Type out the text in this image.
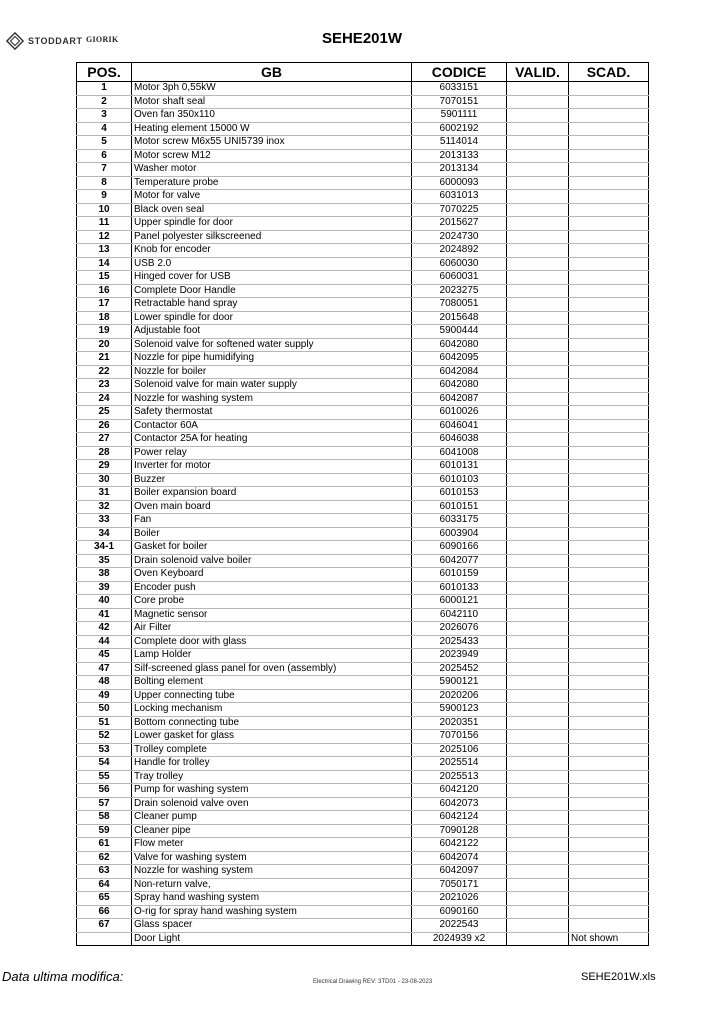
STODDART GIORIK	SEHE201W
POS.	GB	CODICE	VALID.	SCAD.
1	Motor 3ph 0,55kW	6033151		
2	Motor shaft seal	7070151		
3	Oven fan 350x110	5901111		
4	Heating element 15000 W	6002192		
5	Motor screw M6x55 UNI5739 inox	5114014		
6	Motor screw M12	2013133		
7	Washer motor	2013134		
8	Temperature probe	6000093		
9	Motor for valve	6031013		
10	Black oven seal	7070225		
11	Upper spindle for door	2015627		
12	Panel polyester silkscreened	2024730		
13	Knob for encoder	2024892		
14	USB 2.0	6060030		
15	Hinged cover for USB	6060031		
16	Complete Door Handle	2023275		
17	Retractable hand spray	7080051		
18	Lower spindle for door	2015648		
19	Adjustable foot	5900444		
20	Solenoid valve for softened water supply	6042080		
21	Nozzle for pipe humidifying	6042095		
22	Nozzle for boiler	6042084		
23	Solenoid valve for main water supply	6042080		
24	Nozzle for washing system	6042087		
25	Safety thermostat	6010026		
26	Contactor 60A	6046041		
27	Contactor 25A for heating	6046038		
28	Power relay	6041008		
29	Inverter for motor	6010131		
30	Buzzer	6010103		
31	Boiler expansion board	6010153		
32	Oven main board	6010151		
33	Fan	6033175		
34	Boiler	6003904		
34-1	Gasket for boiler	6090166		
35	Drain solenoid valve boiler	6042077		
38	Oven Keyboard	6010159		
39	Encoder push	6010133		
40	Core probe	6000121		
41	Magnetic sensor	6042110		
42	Air Filter	2026076		
44	Complete door with glass	2025433		
45	Lamp Holder	2023949		
47	Silf-screened glass panel for oven (assembly)	2025452		
48	Bolting element	5900121		
49	Upper connecting tube	2020206		
50	Locking mechanism	5900123		
51	Bottom connecting tube	2020351		
52	Lower gasket for glass	7070156		
53	Trolley complete	2025106		
54	Handle for trolley	2025514		
55	Tray trolley	2025513		
56	Pump for washing system	6042120		
57	Drain solenoid valve oven	6042073		
58	Cleaner pump	6042124		
59	Cleaner pipe	7090128		
61	Flow meter	6042122		
62	Valve for washing system	6042074		
63	Nozzle for washing system	6042097		
64	Non-return valve,	7050171		
65	Spray hand washing system	2021026		
66	O-rig for spray hand washing system	6090160		
67	Glass spacer	2022543		
	Door Light	2024939 x2		Not shown
Data ultima modifica:	Electrical Drawing REV: 3TD01 - 23-08-2023	SEHE201W.xls
